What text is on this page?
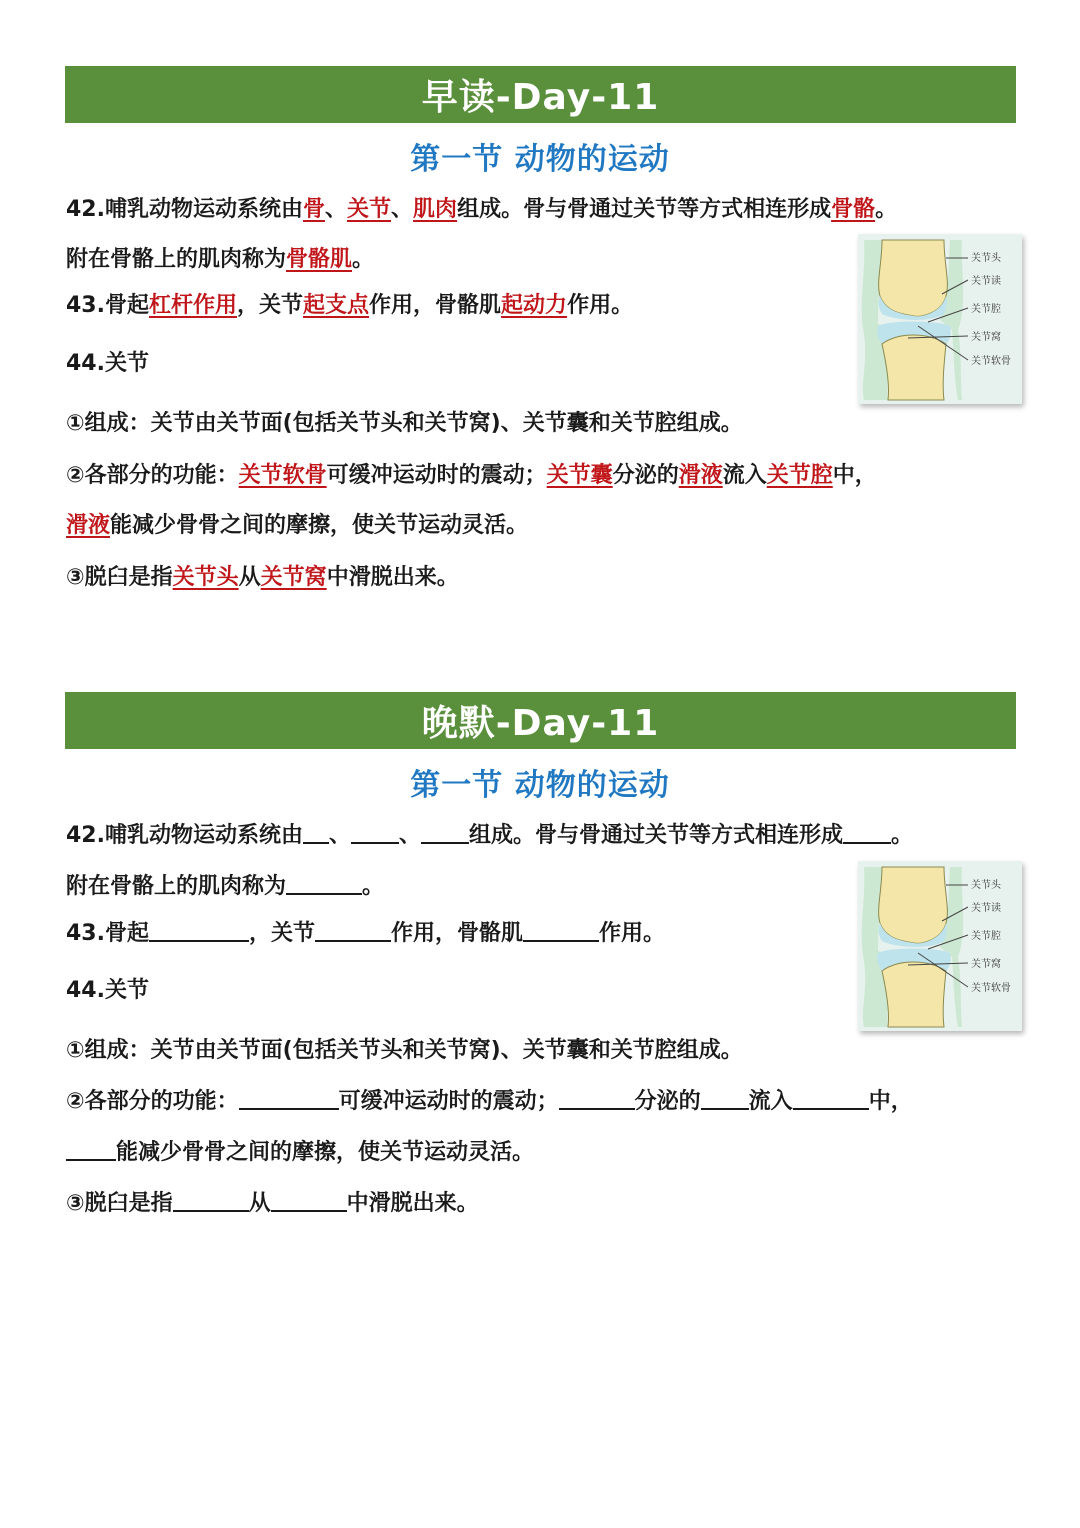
早读-Day-11
第一节 动物的运动
42.哺乳动物运动系统由骨、关节、肌肉组成。骨与骨通过关节等方式相连形成骨骼。
附在骨骼上的肌肉称为骨骼肌。
43.骨起杠杆作用，关节起支点作用，骨骼肌起动力作用。
44.关节
①组成：关节由关节面(包括关节头和关节窝)、关节囊和关节腔组成。
②各部分的功能：关节软骨可缓冲运动时的震动；关节囊分泌的滑液流入关节腔中，
滑液能减少骨骨之间的摩擦，使关节运动灵活。
③脱臼是指关节头从关节窝中滑脱出来。
关节头
关节读
关节腔
关节窝
关节软骨
晚默-Day-11
第一节 动物的运动
42.哺乳动物运动系统由 、 、 组成。骨与骨通过关节等方式相连形成 。
附在骨骼上的肌肉称为	。
43.骨起	，关节	作用，骨骼肌	作用。
44.关节
①组成：关节由关节面(包括关节头和关节窝)、关节囊和关节腔组成。
②各部分的功能：	可缓冲运动时的震动；	分泌的 流入	中，
能减少骨骨之间的摩擦，使关节运动灵活。
③脱臼是指	从	中滑脱出来。
关节头
关节读
关节腔
关节窝
关节软骨
